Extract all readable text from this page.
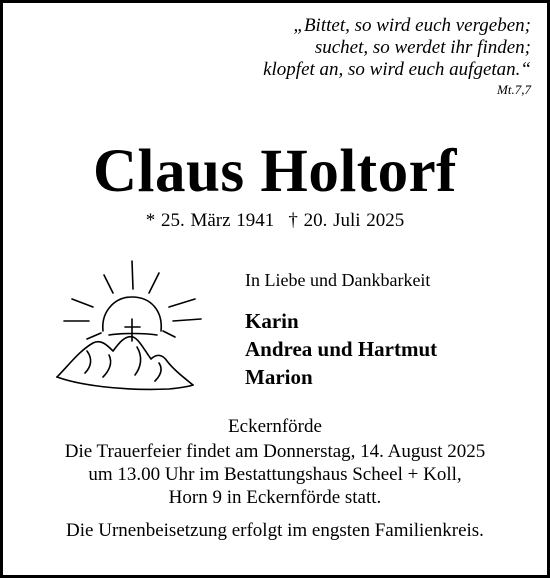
„Bittet, so wird euch vergeben;
suchet, so werdet ihr finden;
klopfet an, so wird euch aufgetan.“
Mt.7,7
Claus Holtorf
* 25. März 1941 † 20. Juli 2025
In Liebe und Dankbarkeit
Karin
Andrea und Hartmut
Marion
Eckernförde
Die Trauerfeier findet am Donnerstag, 14. August 2025
um 13.00 Uhr im Bestattungshaus Scheel + Koll,
Horn 9 in Eckernförde statt.
Die Urnenbeisetzung erfolgt im engsten Familienkreis.
